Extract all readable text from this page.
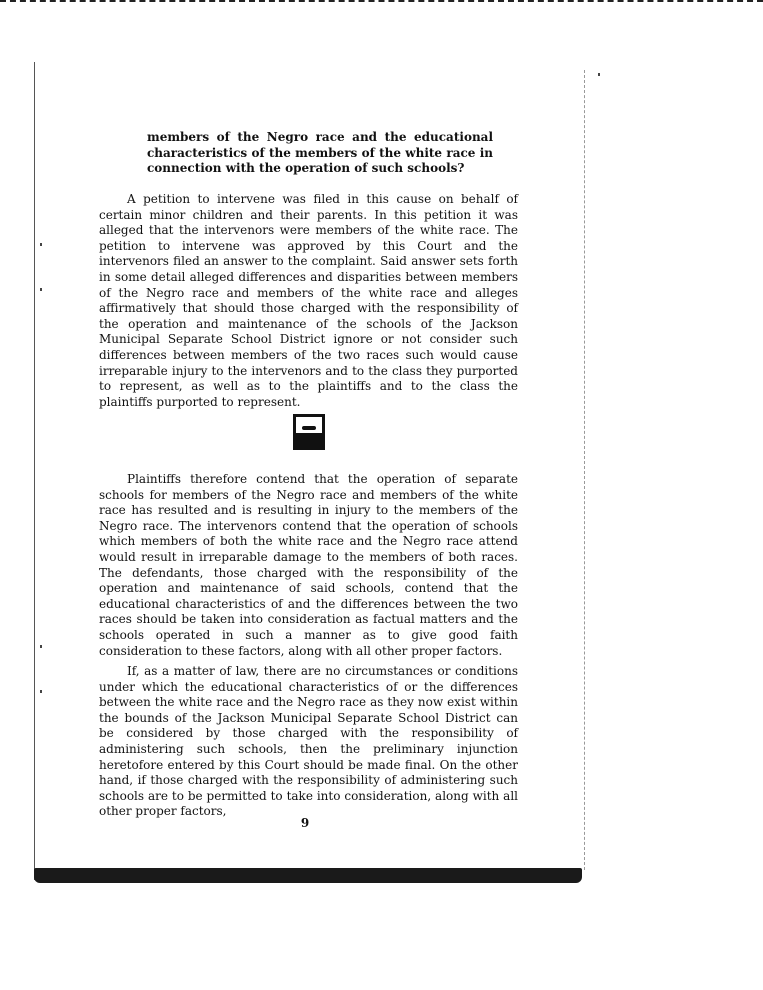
members of the Negro race and the educational characteristics of the members of the white race in connection with the operation of such schools?

A petition to intervene was filed in this cause on behalf of certain minor children and their parents. In this petition it was alleged that the intervenors were members of the white race. The petition to intervene was approved by this Court and the intervenors filed an answer to the complaint. Said answer sets forth in some detail alleged differences and disparities between members of the Negro race and members of the white race and alleges affirmatively that should those charged with the responsibility of the operation and maintenance of the schools of the Jackson Municipal Separate School District ignore or not consider such differences between members of the two races such would cause irreparable injury to the intervenors and to the class they purported to represent, as well as to the plaintiffs and to the class the plaintiffs purported to represent.

Plaintiffs therefore contend that the operation of separate schools for members of the Negro race and members of the white race has resulted and is resulting in injury to the members of the Negro race. The intervenors contend that the operation of schools which members of both the white race and the Negro race attend would result in irreparable damage to the members of both races. The defendants, those charged with the responsibility of the operation and maintenance of said schools, contend that the educational characteristics of and the differences between the two races should be taken into consideration as factual matters and the schools operated in such a manner as to give good faith consideration to these factors, along with all other proper factors.

If, as a matter of law, there are no circumstances or conditions under which the educational characteristics of or the differences between the white race and the Negro race as they now exist within the bounds of the Jackson Municipal Separate School District can be considered by those charged with the responsibility of administering such schools, then the preliminary injunction heretofore entered by this Court should be made final. On the other hand, if those charged with the responsibility of administering such schools are to be permitted to take into consideration, along with all other proper factors,

9
